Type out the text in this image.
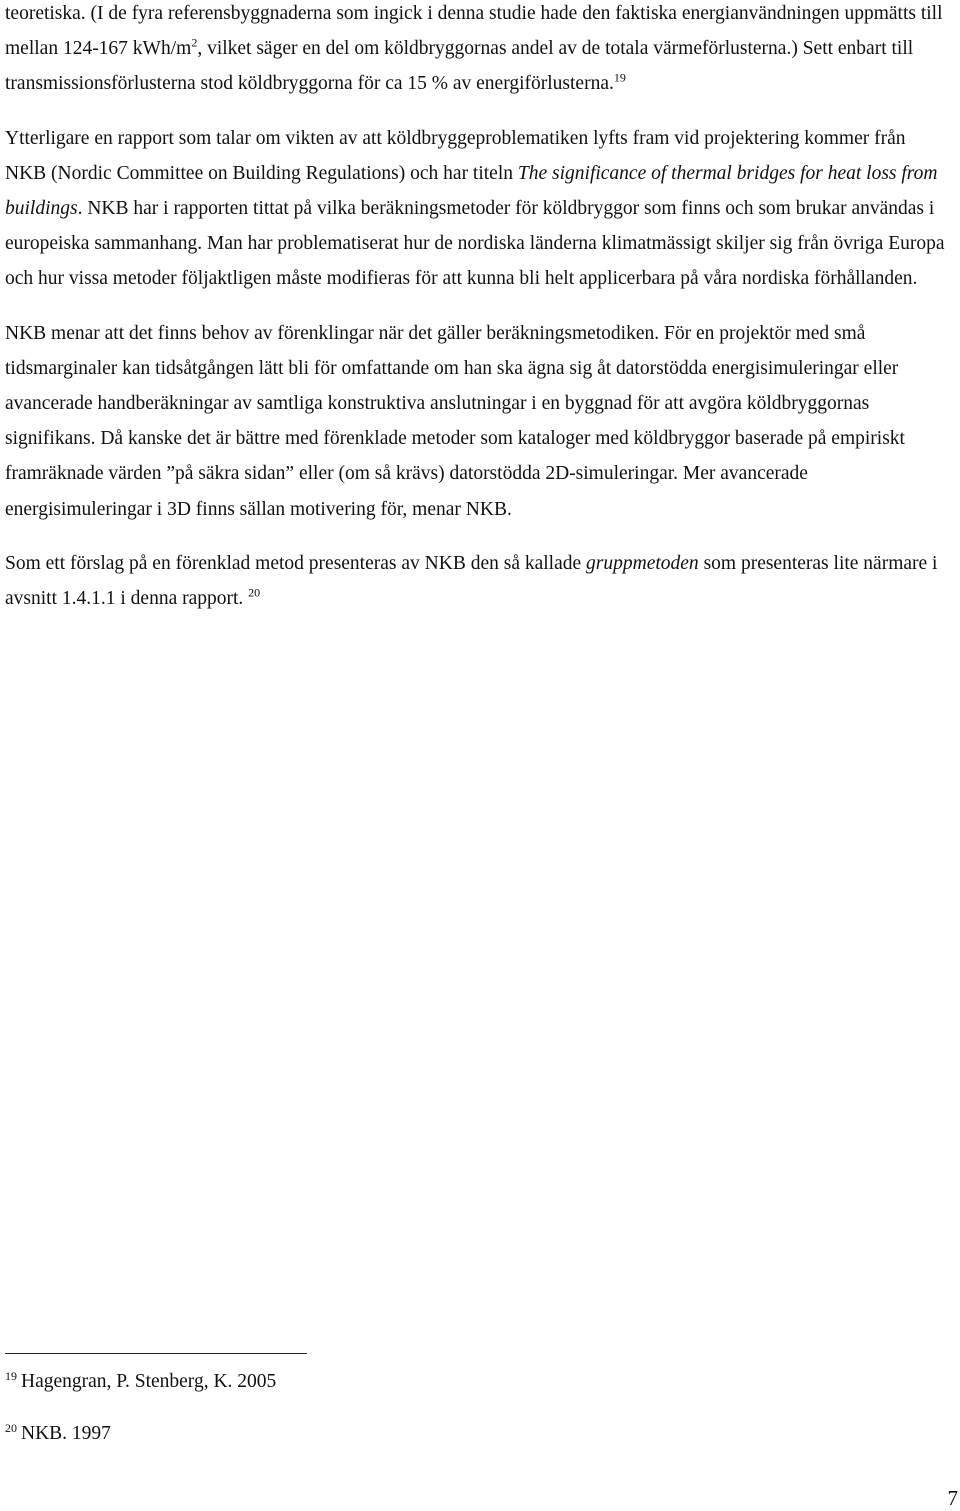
teoretiska. (I de fyra referensbyggnaderna som ingick i denna studie hade den faktiska energianvändningen uppmätts till mellan 124-167 kWh/$m^2$, vilket säger en del om köldbryggornas andel av de totala värmeförlusterna.) Sett enbart till transmissionsförlusterna stod köldbryggorna för ca 15 % av energiförlusterna.$^{19}$

Ytterligare en rapport som talar om vikten av att köldbryggeproblematiken lyfts fram vid projektering kommer från NKB (Nordic Committee on Building Regulations) och har titeln The significance of thermal bridges for heat loss from buildings. NKB har i rapporten tittat på vilka beräkningsmetoder för köldbryggor som finns och som brukar användas i europeiska sammanhang. Man har problematiserat hur de nordiska länderna klimatmässigt skiljer sig från övriga Europa och hur vissa metoder följaktligen måste modifieras för att kunna bli helt applicerbara på våra nordiska förhållanden.

NKB menar att det finns behov av förenklingar när det gäller beräkningsmetodiken. För en projektör med små tidsmarginaler kan tidsåtgången lätt bli för omfattande om han ska ägna sig åt datorstödda energisimuleringar eller avancerade handberäkningar av samtliga konstruktiva anslutningar i en byggnad för att avgöra köldbryggornas signifikans. Då kanske det är bättre med förenklade metoder som kataloger med köldbryggor baserade på empiriskt framräknade värden ”på säkra sidan” eller (om så krävs) datorstödda 2D-simuleringar. Mer avancerade energisimuleringar i 3D finns sällan motivering för, menar NKB.

Som ett förslag på en förenklad metod presenteras av NKB den så kallade gruppmetoden som presenteras lite närmare i avsnitt 1.4.1.1 i denna rapport. $^{20}$

$^{19}$ Hagengran, P. Stenberg, K. 2005

$^{20}$ NKB. 1997

7
